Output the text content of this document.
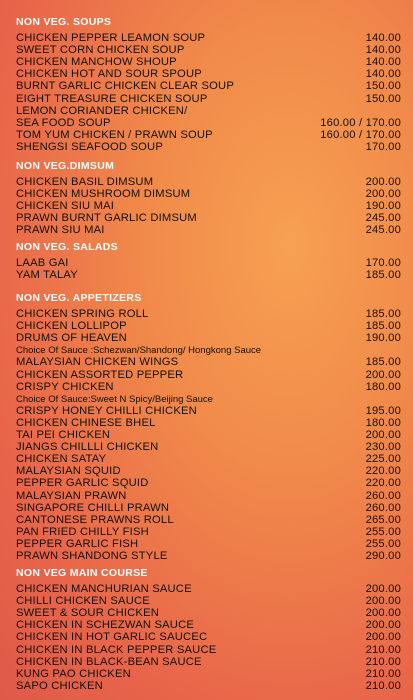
NON VEG. SOUPS
CHICKEN PEPPER LEAMON SOUP	140.00
SWEET CORN CHICKEN SOUP	140.00
CHICKEN MANCHOW SHOUP	140.00
CHICKEN HOT AND SOUR SPOUP	140.00
BURNT GARLIC CHICKEN CLEAR SOUP	150.00
EIGHT TREASURE CHICKEN SOUP	150.00
LEMON CORIANDER CHICKEN/
SEA FOOD SOUP	160.00 / 170.00
TOM YUM CHICKEN / PRAWN SOUP	160.00 / 170.00
SHENGSI SEAFOOD SOUP	170.00
NON VEG.DIMSUM
CHICKEN BASIL DIMSUM	200.00
CHICKEN MUSHROOM DIMSUM	200.00
CHICKEN SIU MAI	190.00
PRAWN BURNT GARLIC DIMSUM	245.00
PRAWN SIU MAI	245.00
NON VEG. SALADS
LAAB GAI	170.00
YAM TALAY	185.00
NON VEG. APPETIZERS
CHICKEN SPRING ROLL	185.00
CHICKEN LOLLIPOP	185.00
DRUMS OF HEAVEN	190.00
Choice Of Sauce :Schezwan/Shandong/ Hongkong Sauce
MALAYSIAN CHICKEN WINGS	185.00
CHICKEN ASSORTED PEPPER	200.00
CRISPY CHICKEN	180.00
Choice Of Sauce:Sweet N Spicy/Beijing Sauce
CRISPY HONEY CHILLI CHICKEN	195.00
CHICKEN CHINESE BHEL	180.00
TAI PEI CHICKEN	200.00
JIANGS CHILLLI CHICKEN	230.00
CHICKEN SATAY	225.00
MALAYSIAN SQUID	220.00
PEPPER GARLIC SQUID	220.00
MALAYSIAN PRAWN	260.00
SINGAPORE CHILLI PRAWN	260.00
CANTONESE PRAWNS ROLL	265.00
PAN FRIED CHILLY FISH	255.00
PEPPER GARLIC FISH	255.00
PRAWN SHANDONG STYLE	290.00
NON VEG MAIN COURSE
CHICKEN MANCHURIAN SAUCE	200.00
CHILLI CHICKEN SAUCE	200.00
SWEET & SOUR CHICKEN	200.00
CHICKEN IN SCHEZWAN SAUCE	200.00
CHICKEN IN HOT GARLIC SAUCEC	200.00
CHICKEN IN BLACK PEPPER SAUCE	210.00
CHICKEN IN BLACK-BEAN SAUCE	210.00
KUNG PAO CHICKEN	210.00
SAPO CHICKEN	210.00
